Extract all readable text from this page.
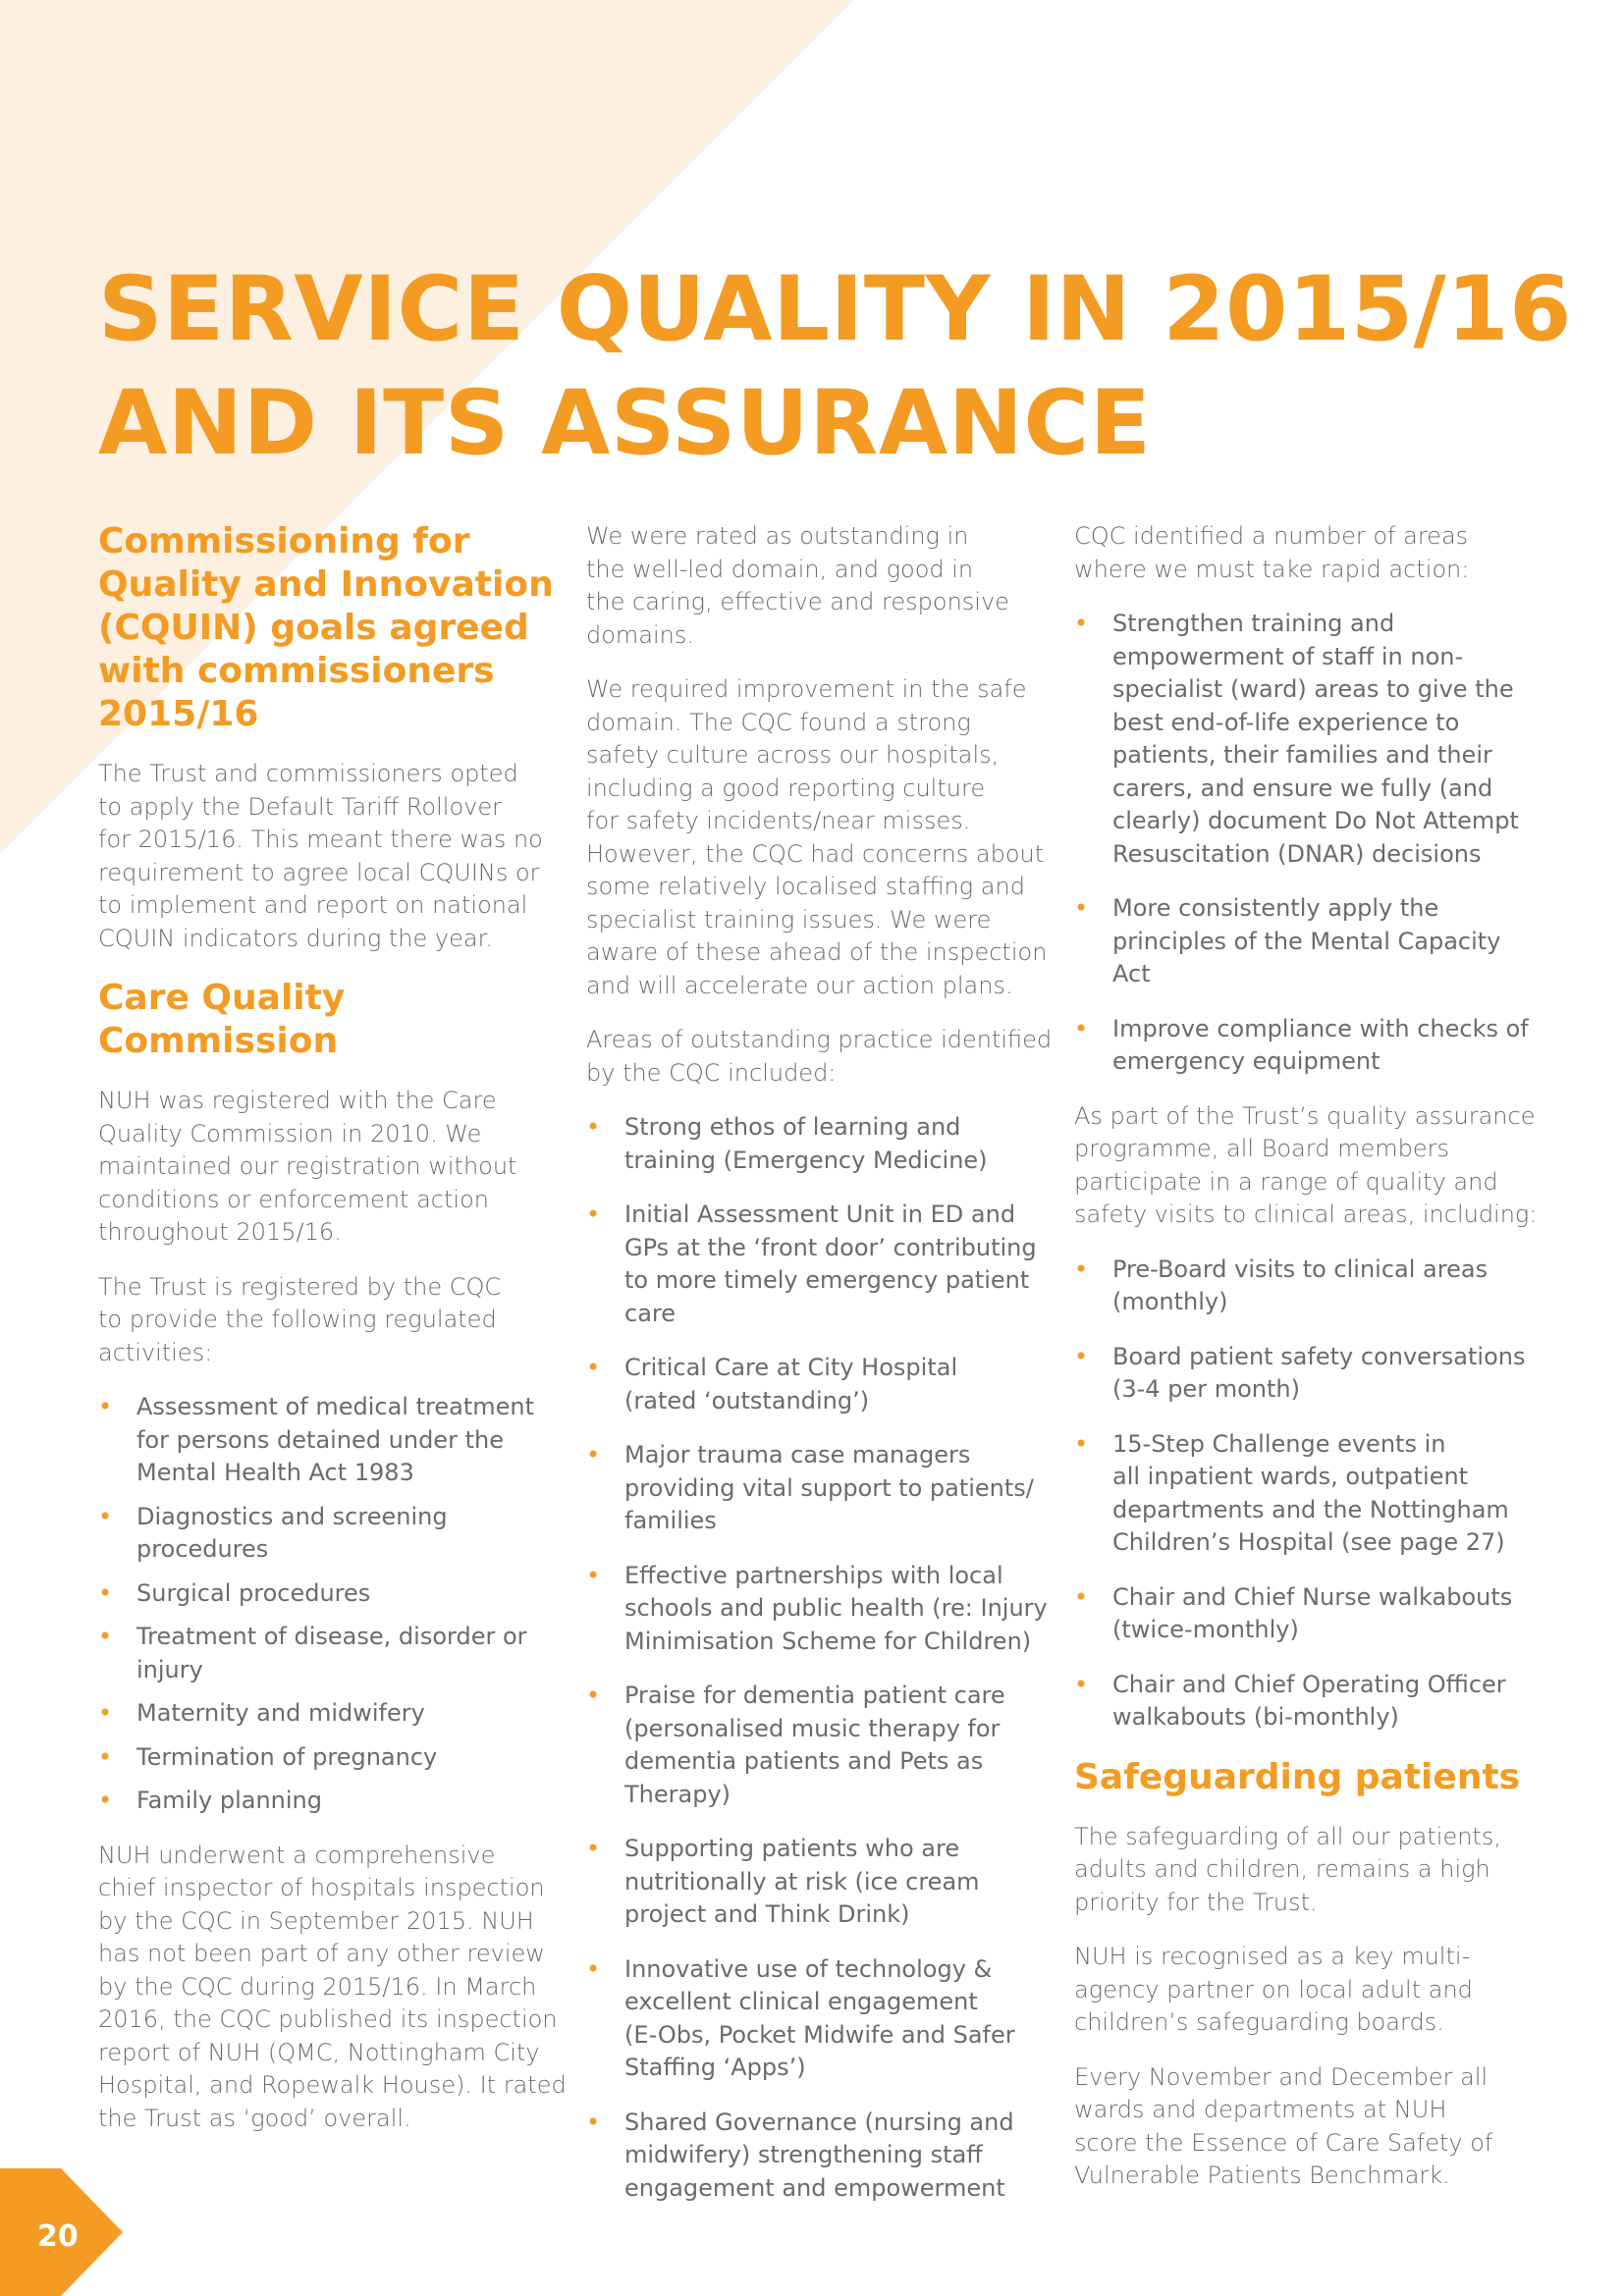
SERVICE QUALITY IN 2015/16
AND ITS ASSURANCE
Commissioning for
Quality and Innovation
(CQUIN) goals agreed
with commissioners
2015/16

The Trust and commissioners opted
to apply the Default Tariff Rollover
for 2015/16. This meant there was no
requirement to agree local CQUINs or
to implement and report on national
CQUIN indicators during the year.

Care Quality
Commission

NUH was registered with the Care
Quality Commission in 2010. We
maintained our registration without
conditions or enforcement action
throughout 2015/16.

The Trust is registered by the CQC
to provide the following regulated
activities:

• Assessment of medical treatment
for persons detained under the
Mental Health Act 1983
• Diagnostics and screening
procedures
• Surgical procedures
• Treatment of disease, disorder or
injury
• Maternity and midwifery
• Termination of pregnancy
• Family planning

NUH underwent a comprehensive
chief inspector of hospitals inspection
by the CQC in September 2015. NUH
has not been part of any other review
by the CQC during 2015/16. In March
2016, the CQC published its inspection
report of NUH (QMC, Nottingham City
Hospital, and Ropewalk House). It rated
the Trust as ‘good’ overall.

We were rated as outstanding in
the well-led domain, and good in
the caring, effective and responsive
domains.

We required improvement in the safe
domain. The CQC found a strong
safety culture across our hospitals,
including a good reporting culture
for safety incidents/near misses.
However, the CQC had concerns about
some relatively localised staffing and
specialist training issues. We were
aware of these ahead of the inspection
and will accelerate our action plans.

Areas of outstanding practice identified
by the CQC included:

• Strong ethos of learning and
training (Emergency Medicine)
• Initial Assessment Unit in ED and
GPs at the ‘front door’ contributing
to more timely emergency patient
care
• Critical Care at City Hospital
(rated ‘outstanding’)
• Major trauma case managers
providing vital support to patients/
families
• Effective partnerships with local
schools and public health (re: Injury
Minimisation Scheme for Children)
• Praise for dementia patient care
(personalised music therapy for
dementia patients and Pets as
Therapy)
• Supporting patients who are
nutritionally at risk (ice cream
project and Think Drink)
• Innovative use of technology &
excellent clinical engagement
(E-Obs, Pocket Midwife and Safer
Staffing ‘Apps’)
• Shared Governance (nursing and
midwifery) strengthening staff
engagement and empowerment

CQC identified a number of areas
where we must take rapid action:

• Strengthen training and
empowerment of staff in non-
specialist (ward) areas to give the
best end-of-life experience to
patients, their families and their
carers, and ensure we fully (and
clearly) document Do Not Attempt
Resuscitation (DNAR) decisions
• More consistently apply the
principles of the Mental Capacity
Act
• Improve compliance with checks of
emergency equipment

As part of the Trust’s quality assurance
programme, all Board members
participate in a range of quality and
safety visits to clinical areas, including:

• Pre-Board visits to clinical areas
(monthly)
• Board patient safety conversations
(3-4 per month)
• 15-Step Challenge events in
all inpatient wards, outpatient
departments and the Nottingham
Children’s Hospital (see page 27)
• Chair and Chief Nurse walkabouts
(twice-monthly)
• Chair and Chief Operating Officer
walkabouts (bi-monthly)
Safeguarding patients

The safeguarding of all our patients,
adults and children, remains a high
priority for the Trust.

NUH is recognised as a key multi-
agency partner on local adult and
children’s safeguarding boards.

Every November and December all
wards and departments at NUH
score the Essence of Care Safety of
Vulnerable Patients Benchmark.

20
